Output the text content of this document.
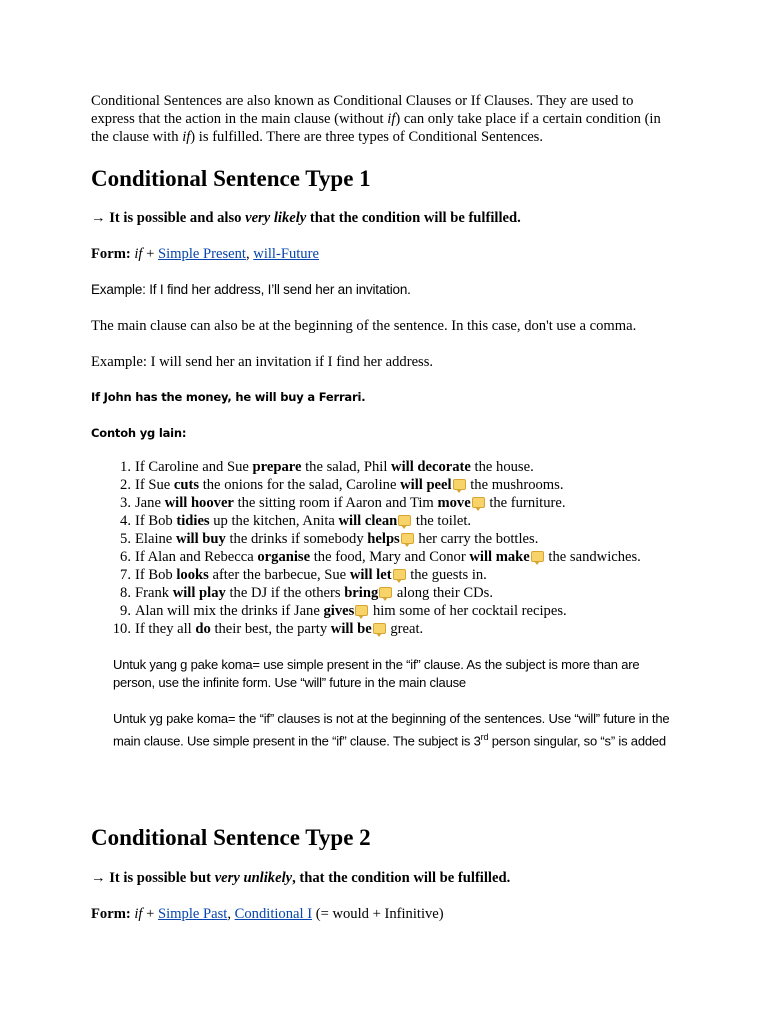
Conditional Sentences are also known as Conditional Clauses or If Clauses. They are used to express that the action in the main clause (without if) can only take place if a certain condition (in the clause with if) is fulfilled. There are three types of Conditional Sentences.

Conditional Sentence Type 1
→ It is possible and also very likely that the condition will be fulfilled.
Form: if + Simple Present, will-Future
Example: If I find her address, I’ll send her an invitation.
The main clause can also be at the beginning of the sentence. In this case, don't use a comma.
Example: I will send her an invitation if I find her address.
If John has the money, he will buy a Ferrari.
Contoh yg lain:
1. If Caroline and Sue prepare the salad, Phil will decorate the house.
2. If Sue cuts the onions for the salad, Caroline will peel the mushrooms.
3. Jane will hoover the sitting room if Aaron and Tim move the furniture.
4. If Bob tidies up the kitchen, Anita will clean the toilet.
5. Elaine will buy the drinks if somebody helps her carry the bottles.
6. If Alan and Rebecca organise the food, Mary and Conor will make the sandwiches.
7. If Bob looks after the barbecue, Sue will let the guests in.
8. Frank will play the DJ if the others bring along their CDs.
9. Alan will mix the drinks if Jane gives him some of her cocktail recipes.
10. If they all do their best, the party will be great.
Untuk yang g pake koma= use simple present in the “if” clause. As the subject is more than are person, use the infinite form. Use “will” future in the main clause
Untuk yg pake koma= the “if” clauses is not at the beginning of the sentences. Use “will” future in the main clause. Use simple present in the “if” clause. The subject is 3rd person singular, so “s” is added
Conditional Sentence Type 2
→ It is possible but very unlikely, that the condition will be fulfilled.
Form: if + Simple Past, Conditional I (= would + Infinitive)
